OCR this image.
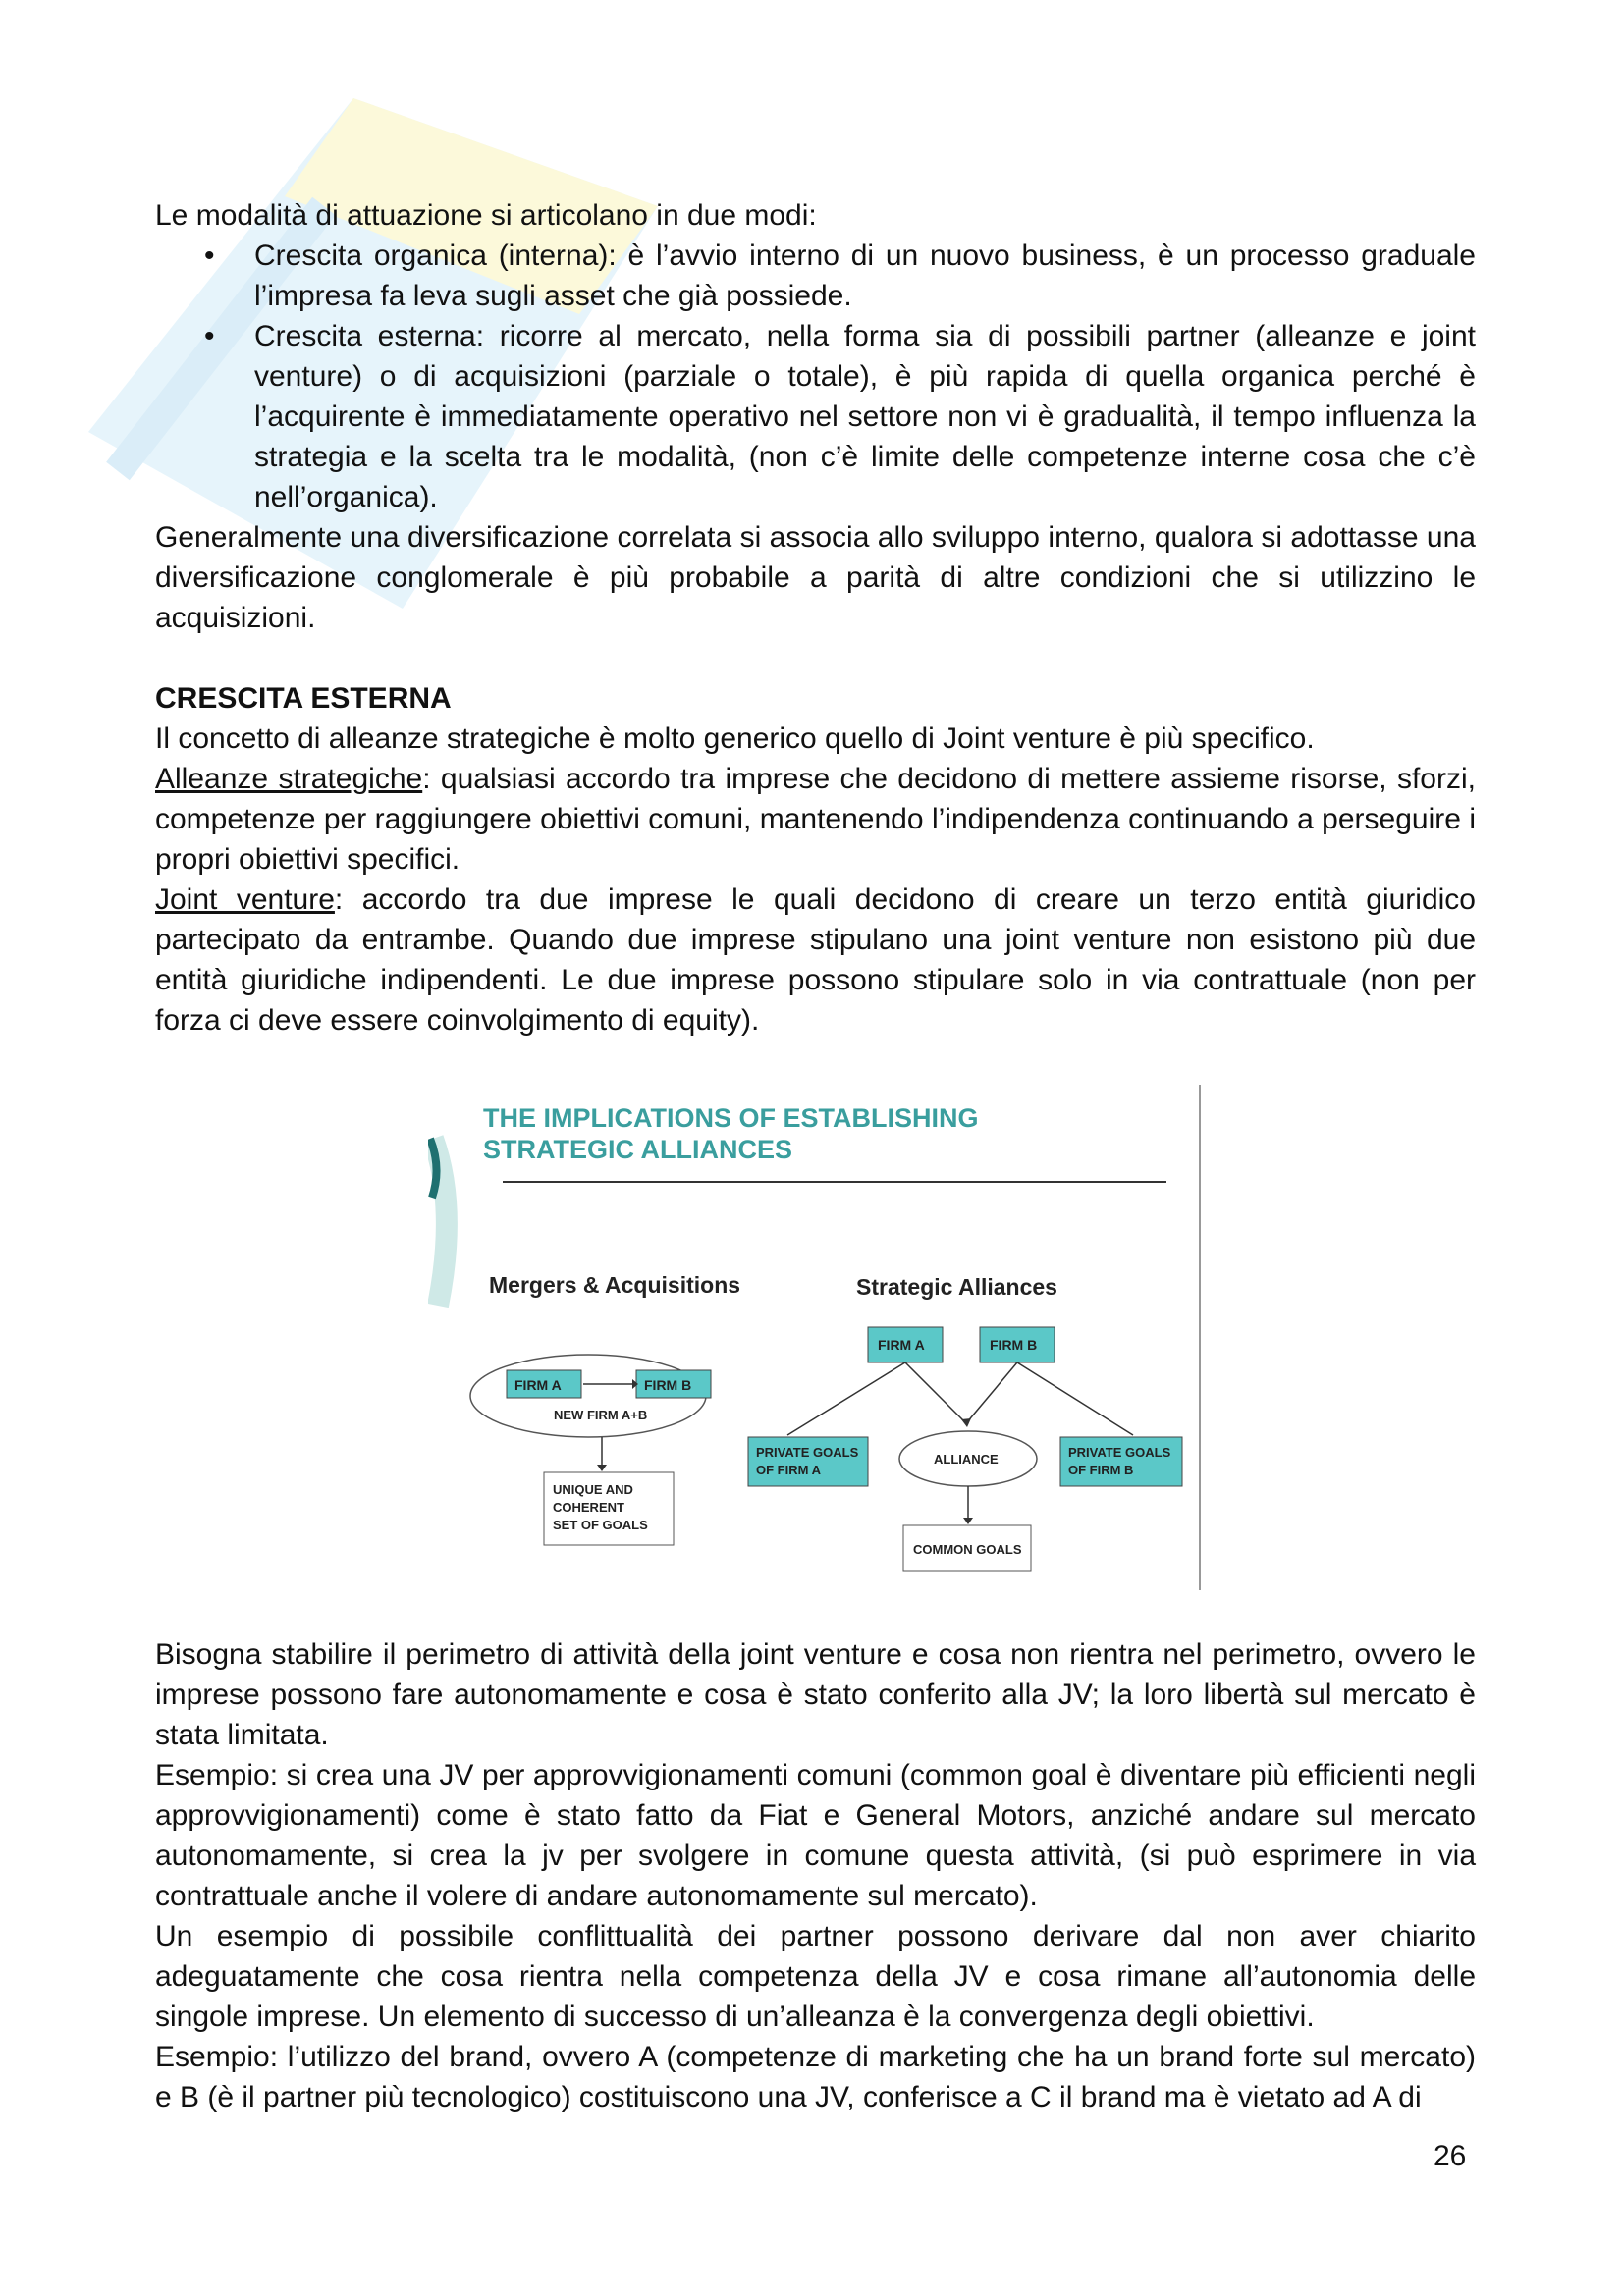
Le modalità di attuazione si articolano in due modi:

• Crescita organica (interna): è l’avvio interno di un nuovo business, è un processo graduale l’impresa fa leva sugli asset che già possiede.
• Crescita esterna: ricorre al mercato, nella forma sia di possibili partner (alleanze e joint venture) o di acquisizioni (parziale o totale), è più rapida di quella organica perché è l’acquirente è immediatamente operativo nel settore non vi è gradualità, il tempo influenza la strategia e la scelta tra le modalità, (non c’è limite delle competenze interne cosa che c’è nell’organica).

Generalmente una diversificazione correlata si associa allo sviluppo interno, qualora si adottasse una diversificazione conglomerale è più probabile a parità di altre condizioni che si utilizzino le acquisizioni.

CRESCITA ESTERNA

Il concetto di alleanze strategiche è molto generico quello di Joint venture è più specifico.

Alleanze strategiche: qualsiasi accordo tra imprese che decidono di mettere assieme risorse, sforzi, competenze per raggiungere obiettivi comuni, mantenendo l’indipendenza continuando a perseguire i propri obiettivi specifici.

Joint venture: accordo tra due imprese le quali decidono di creare un terzo entità giuridico partecipato da entrambe. Quando due imprese stipulano una joint venture non esistono più due entità giuridiche indipendenti. Le due imprese possono stipulare solo in via contrattuale (non per forza ci deve essere coinvolgimento di equity).

THE IMPLICATIONS OF ESTABLISHING
STRATEGIC ALLIANCES
Mergers & Acquisitions	Strategic Alliances
FIRM A	FIRM B
NEW FIRM A+B
UNIQUE AND
COHERENT
SET OF GOALS
FIRM A	FIRM B
PRIVATE GOALS
OF FIRM A
ALLIANCE	PRIVATE GOALS
OF FIRM B
COMMON GOALS

Bisogna stabilire il perimetro di attività della joint venture e cosa non rientra nel perimetro, ovvero le imprese possono fare autonomamente e cosa è stato conferito alla JV; la loro libertà sul mercato è stata limitata.

Esempio: si crea una JV per approvvigionamenti comuni (common goal è diventare più efficienti negli approvvigionamenti) come è stato fatto da Fiat e General Motors, anziché andare sul mercato autonomamente, si crea la jv per svolgere in comune questa attività, (si può esprimere in via contrattuale anche il volere di andare autonomamente sul mercato).

Un esempio di possibile conflittualità dei partner possono derivare dal non aver chiarito adeguatamente che cosa rientra nella competenza della JV e cosa rimane all’autonomia delle singole imprese. Un elemento di successo di un’alleanza è la convergenza degli obiettivi.

Esempio: l’utilizzo del brand, ovvero A (competenze di marketing che ha un brand forte sul mercato) e B (è il partner più tecnologico) costituiscono una JV, conferisce a C il brand ma è vietato ad A di

26
